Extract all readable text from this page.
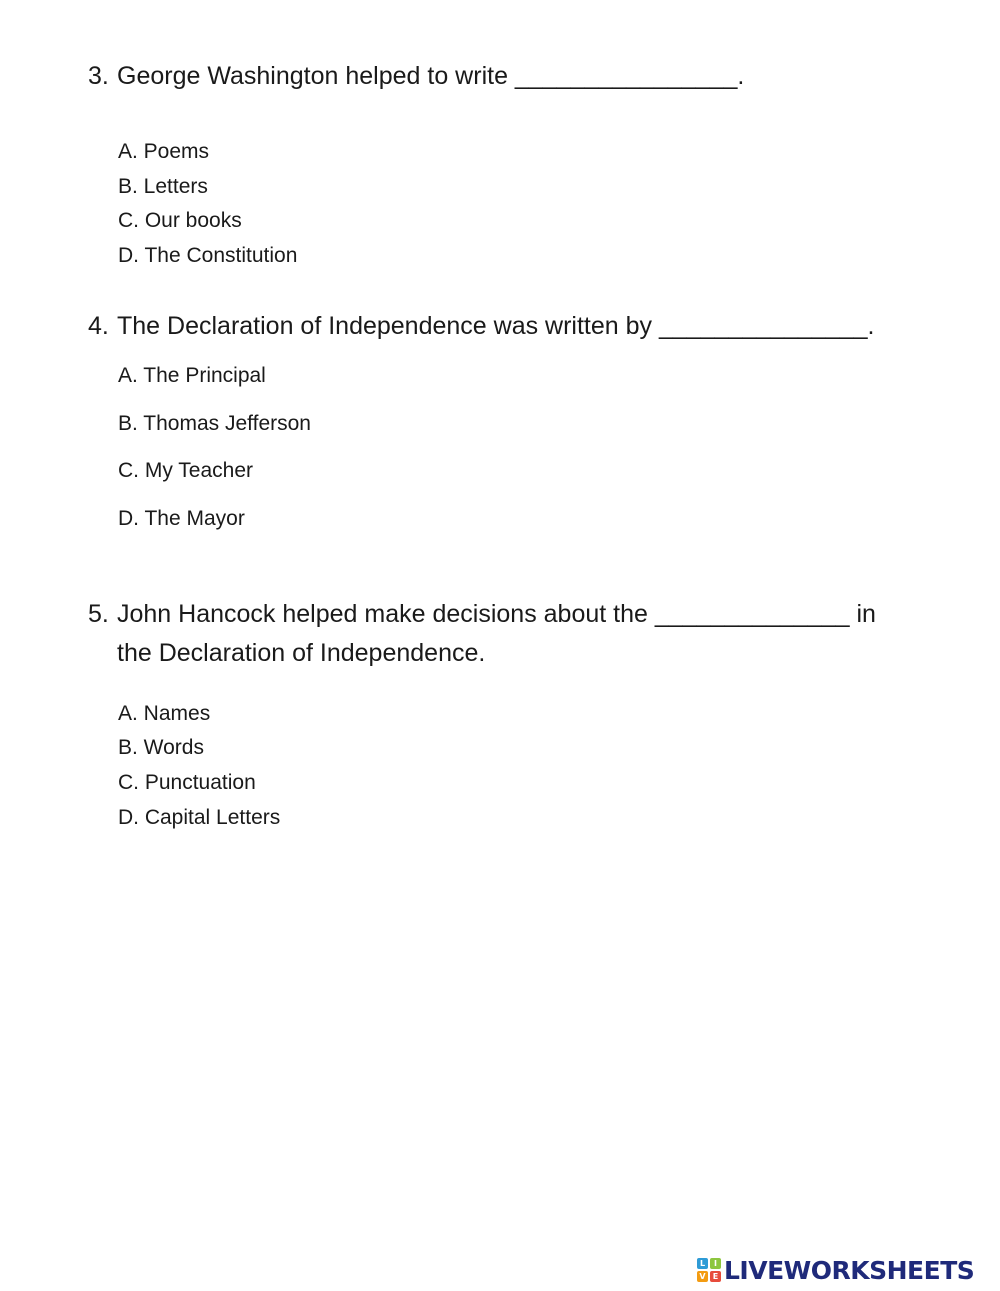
3. George Washington helped to write ________________.
A. Poems
B. Letters
C. Our books
D. The Constitution
4. The Declaration of Independence was written by _______________.
A. The Principal
B. Thomas Jefferson
C. My Teacher
D. The Mayor
5. John Hancock helped make decisions about the ______________ in
the Declaration of Independence.
A. Names
B. Words
C. Punctuation
D. Capital Letters
L	I
V E LIVEWORKSHEETS
